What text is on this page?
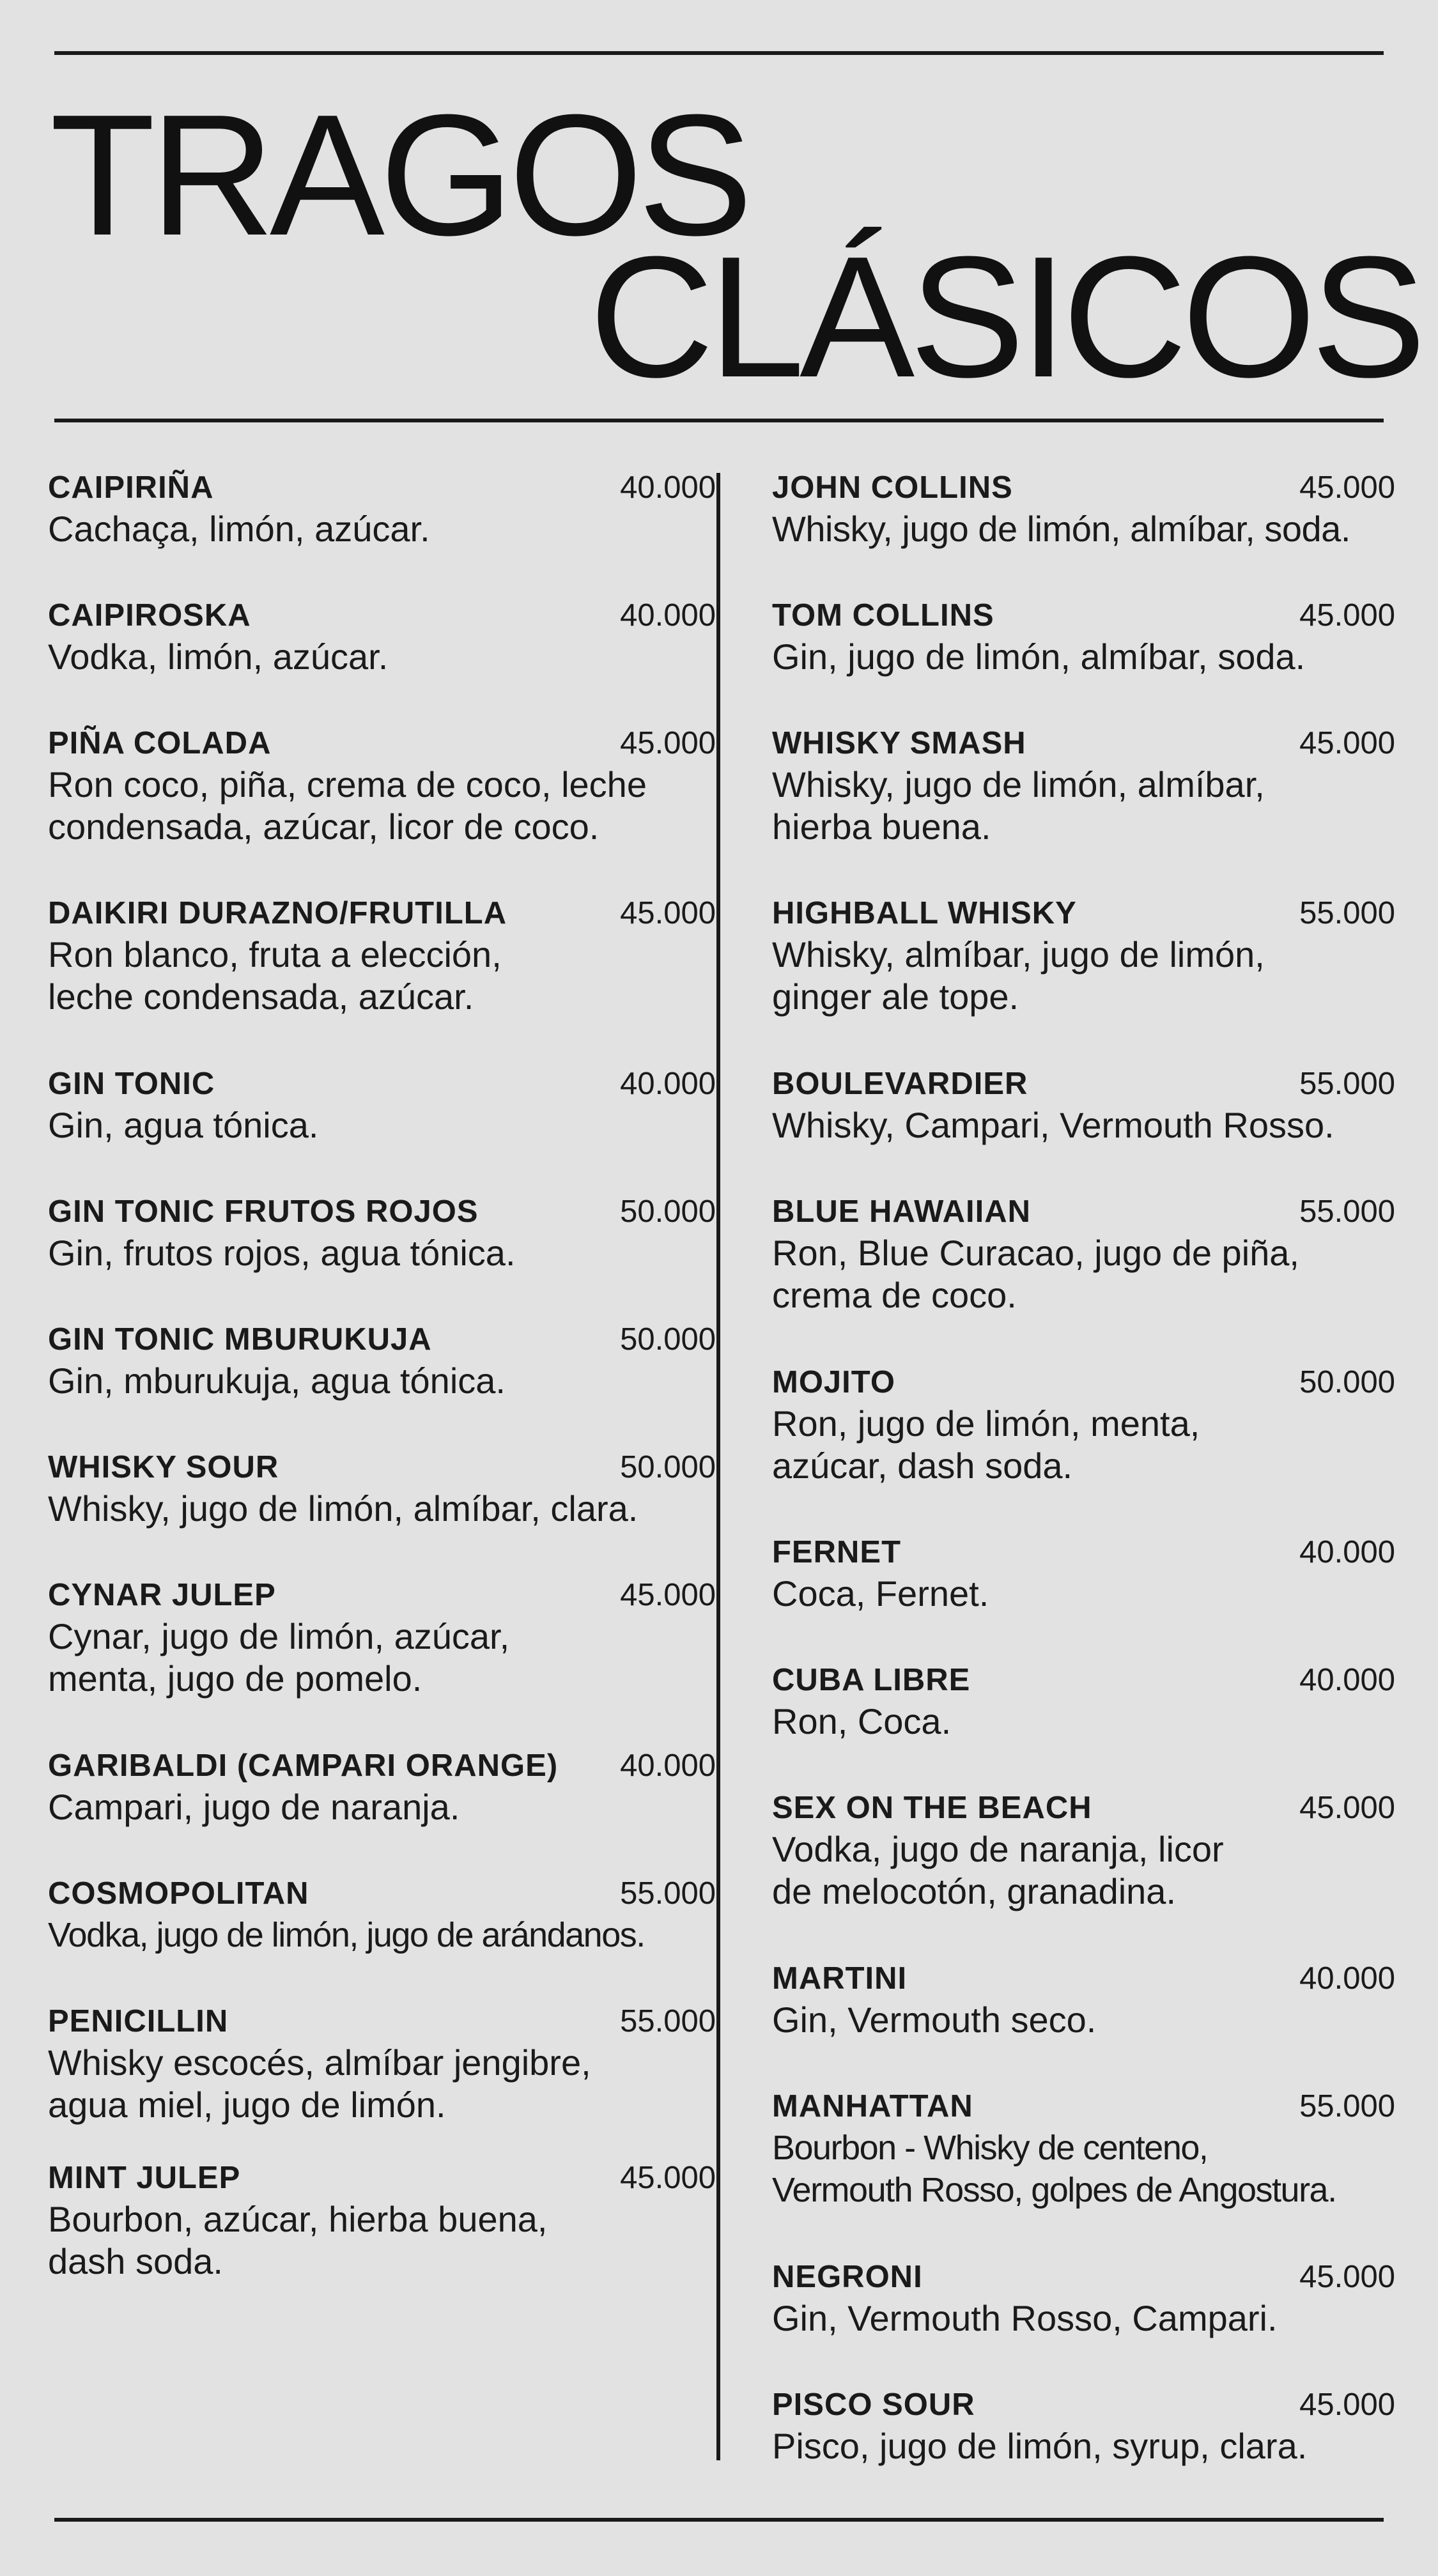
TRAGOS
CLÁSICOS
CAIPIRIÑA	40.000
Cachaça, limón, azúcar.
CAIPIROSKA	40.000
Vodka, limón, azúcar.
PIÑA COLADA	45.000
Ron coco, piña, crema de coco, leche
condensada, azúcar, licor de coco.
DAIKIRI DURAZNO/FRUTILLA	45.000
Ron blanco, fruta a elección,
leche condensada, azúcar.
GIN TONIC	40.000
Gin, agua tónica.
GIN TONIC FRUTOS ROJOS	50.000
Gin, frutos rojos, agua tónica.
GIN TONIC MBURUKUJA	50.000
Gin, mburukuja, agua tónica.
WHISKY SOUR	50.000
Whisky, jugo de limón, almíbar, clara.
CYNAR JULEP	45.000
Cynar, jugo de limón, azúcar,
menta, jugo de pomelo.
GARIBALDI (CAMPARI ORANGE) 40.000
Campari, jugo de naranja.
COSMOPOLITAN	55.000
Vodka, jugo de limón, jugo de arándanos.
PENICILLIN	55.000
Whisky escocés, almíbar jengibre,
agua miel, jugo de limón.
MINT JULEP	45.000
Bourbon, azúcar, hierba buena,
dash soda.
JOHN COLLINS	45.000
Whisky, jugo de limón, almíbar, soda.
TOM COLLINS	45.000
Gin, jugo de limón, almíbar, soda.
WHISKY SMASH	45.000
Whisky, jugo de limón, almíbar,
hierba buena.
HIGHBALL WHISKY	55.000
Whisky, almíbar, jugo de limón,
ginger ale tope.
BOULEVARDIER	55.000
Whisky, Campari, Vermouth Rosso.
BLUE HAWAIIAN	55.000
Ron, Blue Curacao, jugo de piña,
crema de coco.
MOJITO	50.000
Ron, jugo de limón, menta,
azúcar, dash soda.
FERNET	40.000
Coca, Fernet.
CUBA LIBRE	40.000
Ron, Coca.
SEX ON THE BEACH	45.000
Vodka, jugo de naranja, licor
de melocotón, granadina.
MARTINI	40.000
Gin, Vermouth seco.
MANHATTAN	55.000
Bourbon - Whisky de centeno,
Vermouth Rosso, golpes de Angostura.
NEGRONI	45.000
Gin, Vermouth Rosso, Campari.
PISCO SOUR	45.000
Pisco, jugo de limón, syrup, clara.
